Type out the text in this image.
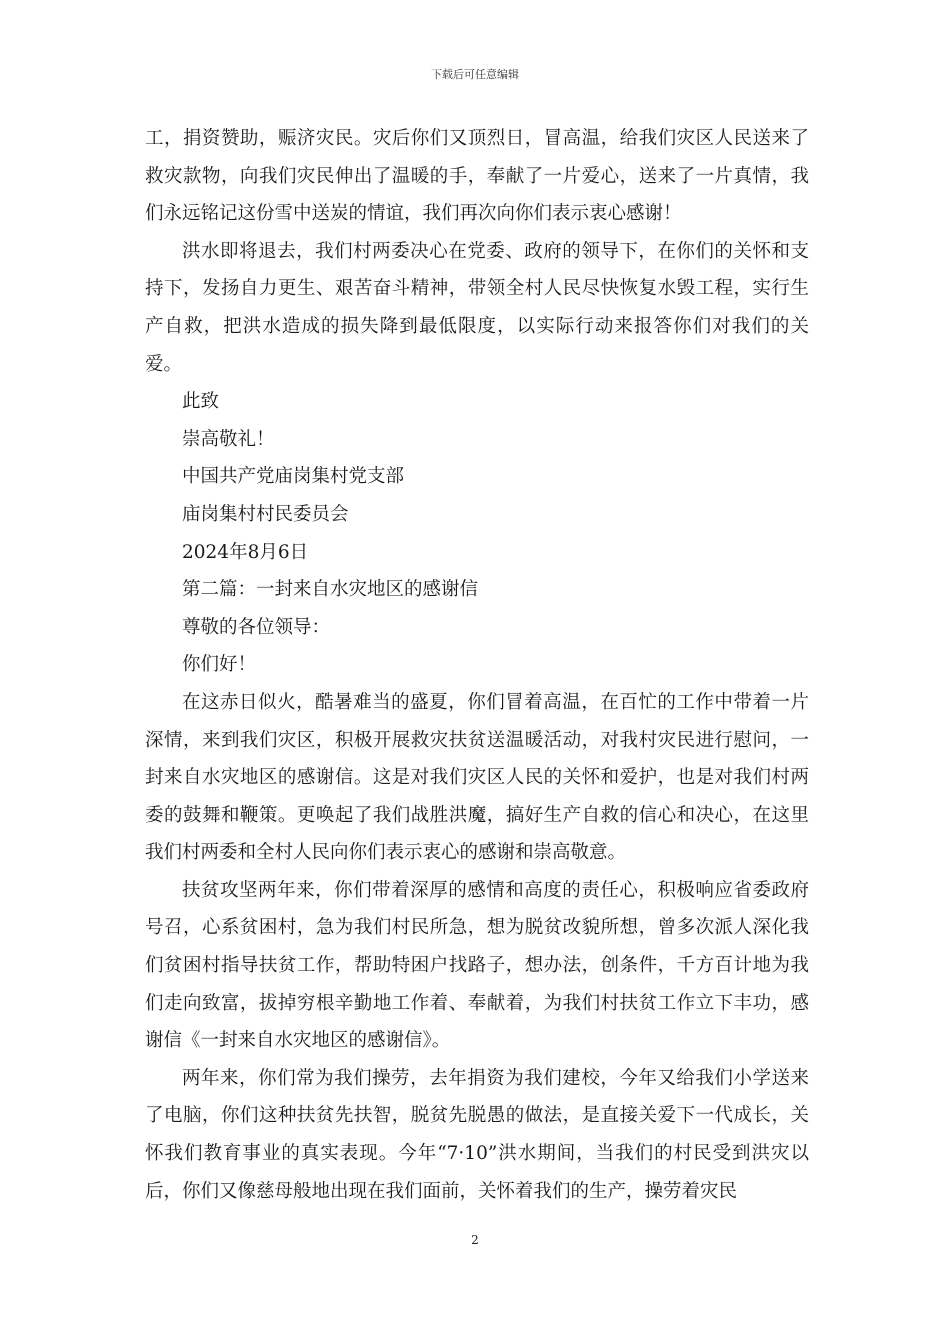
下载后可任意编辑

工，捐资赞助，赈济灾民。灾后你们又顶烈日，冒高温，给我们灾区人民送来了救灾款物，向我们灾民伸出了温暖的手，奉献了一片爱心，送来了一片真情，我们永远铭记这份雪中送炭的情谊，我们再次向你们表示衷心感谢！

洪水即将退去，我们村两委决心在党委、政府的领导下，在你们的关怀和支持下，发扬自力更生、艰苦奋斗精神，带领全村人民尽快恢复水毁工程，实行生产自救，把洪水造成的损失降到最低限度，以实际行动来报答你们对我们的关爱。

此致

崇高敬礼！

中国共产党庙岗集村党支部

庙岗集村村民委员会

2024年8月6日

第二篇：一封来自水灾地区的感谢信

尊敬的各位领导：

你们好！

在这赤日似火，酷暑难当的盛夏，你们冒着高温，在百忙的工作中带着一片深情，来到我们灾区，积极开展救灾扶贫送温暖活动，对我村灾民进行慰问，一封来自水灾地区的感谢信。这是对我们灾区人民的关怀和爱护，也是对我们村两委的鼓舞和鞭策。更唤起了我们战胜洪魔，搞好生产自救的信心和决心，在这里我们村两委和全村人民向你们表示衷心的感谢和崇高敬意。

扶贫攻坚两年来，你们带着深厚的感情和高度的责任心，积极响应省委政府号召，心系贫困村，急为我们村民所急，想为脱贫改貌所想，曾多次派人深化我们贫困村指导扶贫工作，帮助特困户找路子，想办法，创条件，千方百计地为我们走向致富，拔掉穷根辛勤地工作着、奉献着，为我们村扶贫工作立下丰功，感谢信《一封来自水灾地区的感谢信》。

两年来，你们常为我们操劳，去年捐资为我们建校，今年又给我们小学送来了电脑，你们这种扶贫先扶智，脱贫先脱愚的做法，是直接关爱下一代成长，关怀我们教育事业的真实表现。今年“7·10”洪水期间，当我们的村民受到洪灾以后，你们又像慈母般地出现在我们面前，关怀着我们的生产，操劳着灾民

2
